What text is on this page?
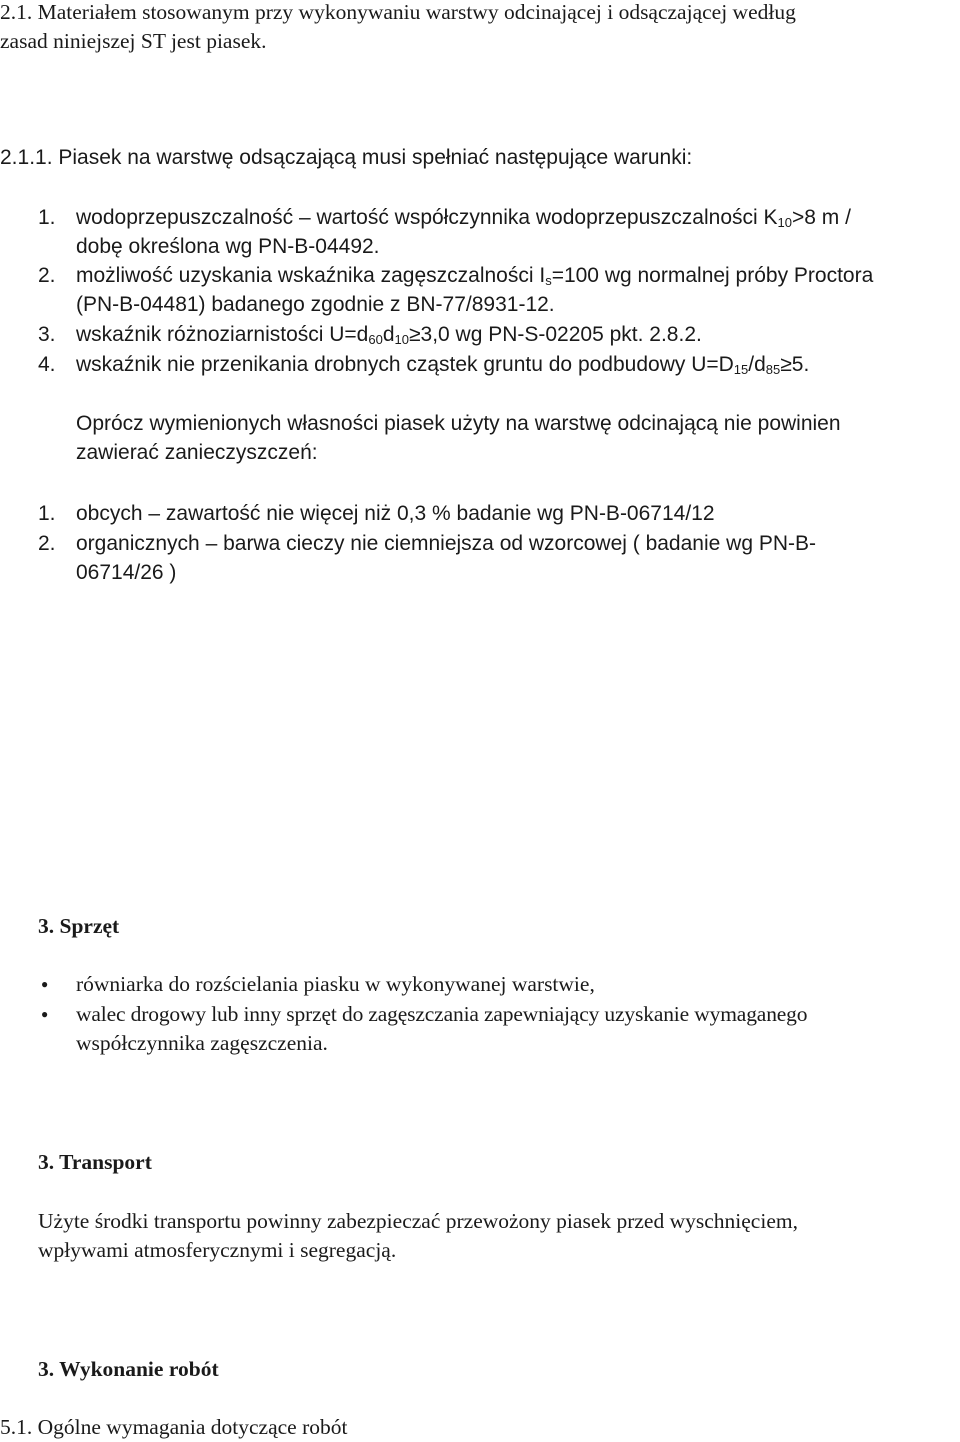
2.1. Materiałem stosowanym przy wykonywaniu warstwy odcinającej i odsączającej według
zasad niniejszej ST jest piasek.
2.1.1. Piasek na warstwę odsączającą musi spełniać następujące warunki:
1. wodoprzepuszczalność – wartość współczynnika wodoprzepuszczalności $K_{10}>8$ m /
dobę określona wg PN-B-04492.
2. możliwość uzyskania wskaźnika zagęszczalności $I_s=100$ wg normalnej próby Proctora
(PN-B-04481) badanego zgodnie z BN-77/8931-12.
3. wskaźnik różnoziarnistości $U=d_{60}d_{10}\ge 3,0$ wg PN-S-02205 pkt. 2.8.2.
4. wskaźnik nie przenikania drobnych cząstek gruntu do podbudowy $U=D_{15}/d_{85}\ge 5$.
Oprócz wymienionych własności piasek użyty na warstwę odcinającą nie powinien
zawierać zanieczyszczeń:
1. obcych – zawartość nie więcej niż 0,3 % badanie wg PN-B-06714/12
2. organicznych – barwa cieczy nie ciemniejsza od wzorcowej ( badanie wg PN-B-
06714/26 )
3. Sprzęt
● równiarka do rozścielania piasku w wykonywanej warstwie,
● walec drogowy lub inny sprzęt do zagęszczania zapewniający uzyskanie wymaganego
współczynnika zagęszczenia.
3. Transport
Użyte środki transportu powinny zabezpieczać przewożony piasek przed wyschnięciem,
wpływami atmosferycznymi i segregacją.
3. Wykonanie robót
5.1. Ogólne wymagania dotyczące robót
